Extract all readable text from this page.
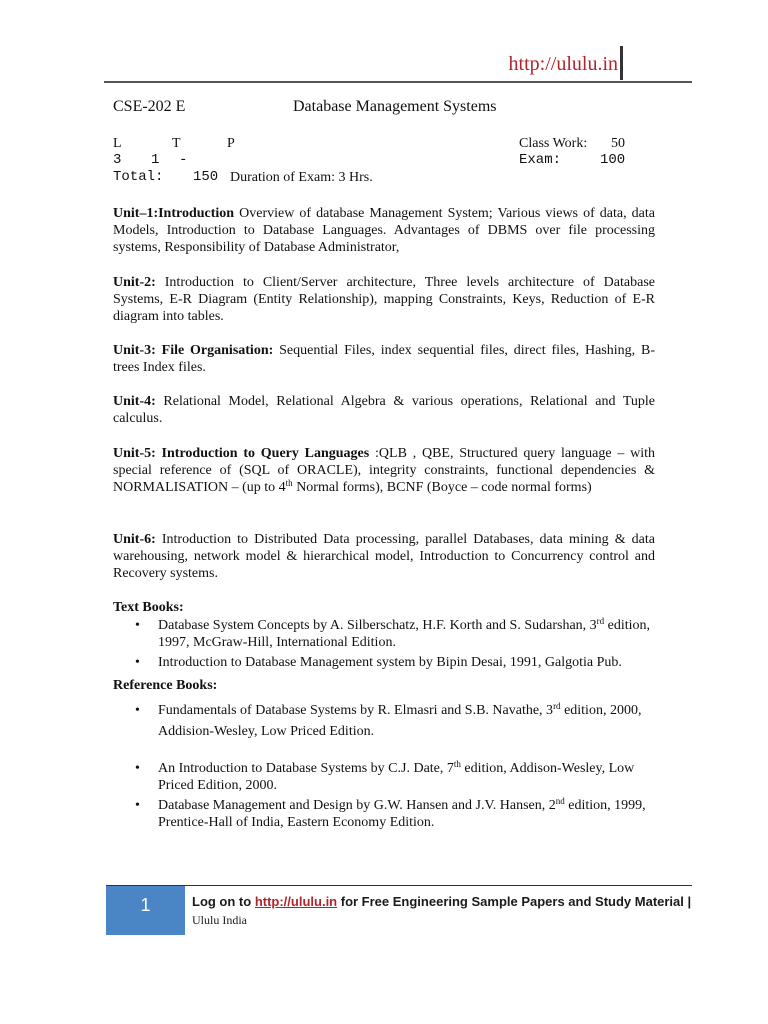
http://ululu.in
CSE-202 E	Database Management Systems
L	T	P	Class Work: 50
3 1 -	Exam:	100
Total: 150 Duration of Exam: 3 Hrs.
Unit–1:Introduction Overview of database Management System; Various views of data, data Models, Introduction to Database Languages. Advantages of DBMS over file processing systems, Responsibility of Database Administrator,
Unit-2: Introduction to Client/Server architecture, Three levels architecture of Database Systems, E-R Diagram (Entity Relationship), mapping Constraints, Keys, Reduction of E-R diagram into tables.
Unit-3: File Organisation: Sequential Files, index sequential files, direct files, Hashing, B-trees Index files.
Unit-4: Relational Model, Relational Algebra & various operations, Relational and Tuple calculus.
Unit-5: Introduction to Query Languages :QLB , QBE, Structured query language – with special reference of (SQL of ORACLE), integrity constraints, functional dependencies & NORMALISATION – (up to 4th Normal forms), BCNF (Boyce – code normal forms)
Unit-6: Introduction to Distributed Data processing, parallel Databases, data mining & data warehousing, network model & hierarchical model, Introduction to Concurrency control and Recovery systems.
Text Books:
• Database System Concepts by A. Silberschatz, H.F. Korth and S. Sudarshan, 3rd edition, 1997, McGraw-Hill, International Edition.
• Introduction to Database Management system by Bipin Desai, 1991, Galgotia Pub.
Reference Books:
• Fundamentals of Database Systems by R. Elmasri and S.B. Navathe, 3rd edition, 2000, Addision-Wesley, Low Priced Edition.
• An Introduction to Database Systems by C.J. Date, 7th edition, Addison-Wesley, Low Priced Edition, 2000.
• Database Management and Design by G.W. Hansen and J.V. Hansen, 2nd edition, 1999, Prentice-Hall of India, Eastern Economy Edition.
1	Log on to http://ululu.in for Free Engineering Sample Papers and Study Material | Ululu India
